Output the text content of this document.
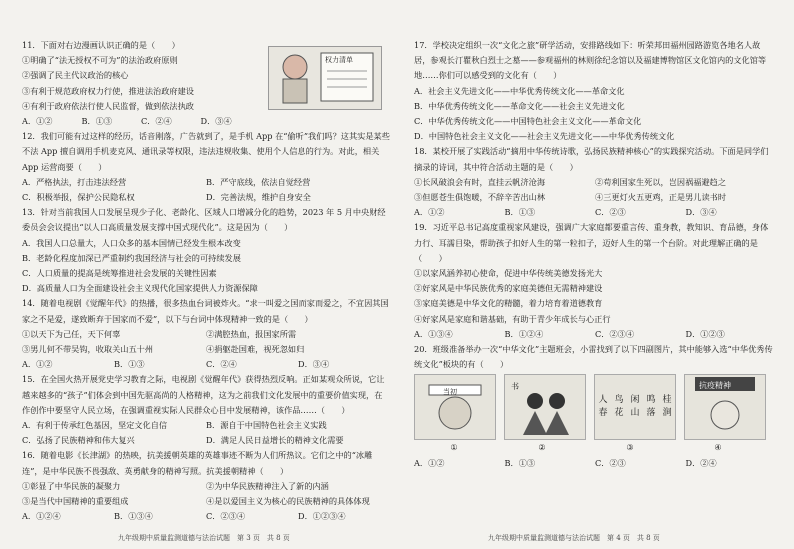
11．下面对右边漫画认识正确的是（　　）
①明确了“法无授权不可为”的法治政府原则
②强调了民主代议政治的核心
③有利于规范政府权力行使，推进法治政府建设
④有利于政府依法行使人民监督，做到依法执政
A．①②	B．①③	C．②④	D．③④
12．我们可能有过这样的经历，话音刚落，广告就到了，是手机 App 在“偷听”我们吗？这其实是某些不法 App 擅自调用手机麦克风、通讯录等权限，违法违规收集、使用个人信息的行为。对此，相关 App 运营商要（　　）
A．严格执法，打击违法经营	B．严守底线，依法自觉经营
C．积极举报，保护公民隐私权	D．完善法规，维护自身安全
13．针对当前我国人口发展呈现少子化、老龄化、区域人口增减分化的趋势，2023 年 5 月中央财经委员会会议提出“以人口高质量发展支撑中国式现代化”。这是因为（　　）
A．我国人口总量大，人口众多的基本国情已经发生根本改变
B．老龄化程度加深已严重制约我国经济与社会的可持续发展
C．人口质量的提高是统筹推进社会发展的关键性因素
D．高质量人口为全面建设社会主义现代化国家提供人力资源保障
14．随着电视剧《觉醒年代》的热播，很多热血台词被炸火。“求一叫爱之国而家而爱之，不宜因其国家之不是爱，遂致断弃于国家而不爱”，以下与台词中体现精神一致的是（　　）
①以天下为己任，天下何辜	②满腔热血，报国家所需
③男儿何不带吴钩，收取关山五十州	④捐躯赴国难，视死忽如归
A．①②	B．①③	C．②④	D．③④
15．在全国火热开展党史学习教育之际，电视剧《觉醒年代》获得热烈反响。正如某观众所说，它让越来越多的“孩子”们体会到中国先驱高尚的人格精神，这为之前我们文化发展中的重要价值实现，在作创作中要坚守人民立场，在强调重视实际人民群众心目中发展精神，该作品……（　　）
A．有利于传承红色基因，坚定文化自信	B．源自于中国特色社会主义实践
C．弘扬了民族精神和伟大复兴	D．满足人民日益增长的精神文化需要
16．随着电影《长津湖》的热映，抗美援朝英雄的英雄事迹不断为人们所热议。它们之中的“冰雕连”，是中华民族不畏强敌、英勇献身的精神写照。抗美援朝精神（　　）
①彰显了中华民族的凝聚力	②为中华民族精神注入了新的内涵
③是当代中国精神的重要组成	④是以爱国主义为核心的民族精神的具体体现
A．①②④	B．①③④	C．②③④	D．①②③④
权力清单
九年级期中质量监测道德与法治试题　第 3 页　共 8 页
17．学校决定组织一次“文化之旅”研学活动，安排路线如下：听荣邦田福州园路游览各地名人故居，参观长汀瞿秋白烈士之墓——参观福州的林则徐纪念馆以及福建博物馆区文化馆内的文化馆等地……你们可以感受到的文化有（　　）
A．社会主义先进文化——中华优秀传统文化——革命文化
B．中华优秀传统文化——革命文化——社会主义先进文化
C．中华优秀传统文化——中国特色社会主义文化——革命文化
D．中国特色社会主义文化——社会主义先进文化——中华优秀传统文化
18．某校开展了实践活动“摘用中华传统诗歌，弘扬民族精神核心”的实践探究活动。下面是同学们摘录的诗词，其中符合活动主题的是（　　）
①长风破浪会有时，直挂云帆济沧海	②苟利国家生死以，岂因祸福避趋之
③但愿苍生俱饱暖，不辞辛苦出山林	④三更灯火五更鸡，正是男儿读书时
A．①②	B．①③	C．②③	D．③④
19．习近平总书记高度重视家风建设，强调广大家庭都要重言传、重身教，教知识、育品德，身体力行、耳濡目染，帮助孩子扣好人生的第一粒扣子，迈好人生的第一个台阶。对此理解正确的是（　　）
①以家风涵养初心使命，促进中华传统美德发扬光大
②好家风是中华民族优秀的家庭美德但无需精神建设
③家庭美德是中华文化的精髓，着力培育着道德教育
④好家风是家庭和谐基础，有助于青少年成长与心正行
A．①③④	B．①②④	C．②③④	D．①②③
20．班级准备举办一次“中华文化”主题班会，小雷找到了以下四副图片，其中能够入选“中华优秀传统文化”板块的有（　　）
当初
书
人 鸟 闲 鸣 桂
春 花 山 落 涧
抗疫精神
①	②	③	④
A．①②	B．①③	C．②③	D．②④
九年级期中质量监测道德与法治试题　第 4 页　共 8 页
